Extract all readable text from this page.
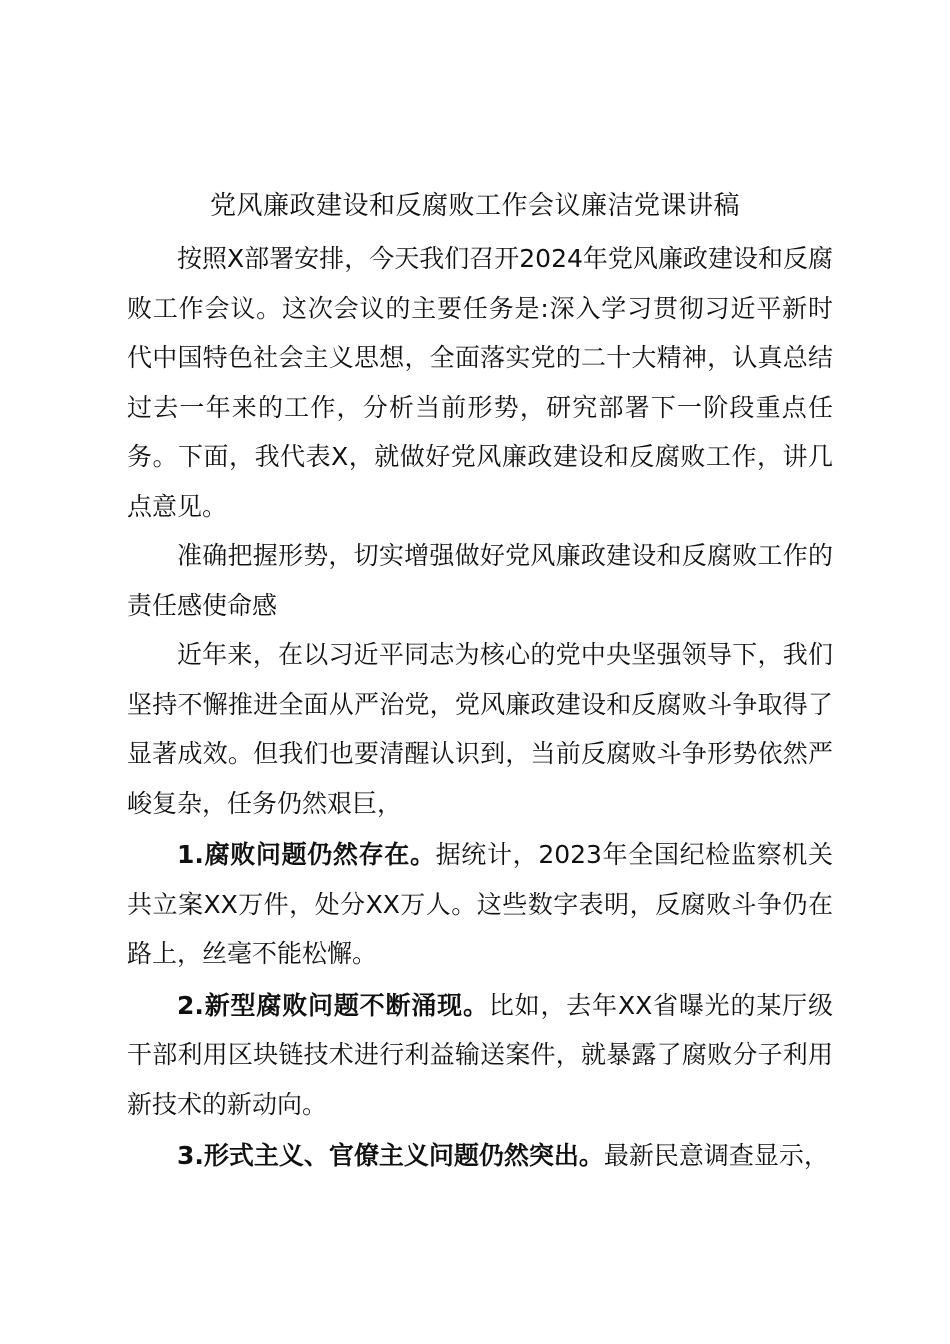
党风廉政建设和反腐败工作会议廉洁党课讲稿

按照X部署安排，今天我们召开2024年党风廉政建设和反腐败工作会议。这次会议的主要任务是:深入学习贯彻习近平新时代中国特色社会主义思想，全面落实党的二十大精神，认真总结过去一年来的工作，分析当前形势，研究部署下一阶段重点任务。下面，我代表X，就做好党风廉政建设和反腐败工作，讲几点意见。

准确把握形势，切实增强做好党风廉政建设和反腐败工作的责任感使命感

近年来，在以习近平同志为核心的党中央坚强领导下，我们坚持不懈推进全面从严治党，党风廉政建设和反腐败斗争取得了显著成效。但我们也要清醒认识到，当前反腐败斗争形势依然严峻复杂，任务仍然艰巨，

1.腐败问题仍然存在。据统计，2023年全国纪检监察机关共立案XX万件，处分XX万人。这些数字表明，反腐败斗争仍在路上，丝毫不能松懈。

2.新型腐败问题不断涌现。比如，去年XX省曝光的某厅级干部利用区块链技术进行利益输送案件，就暴露了腐败分子利用新技术的新动向。

3.形式主义、官僚主义问题仍然突出。最新民意调查显示，
